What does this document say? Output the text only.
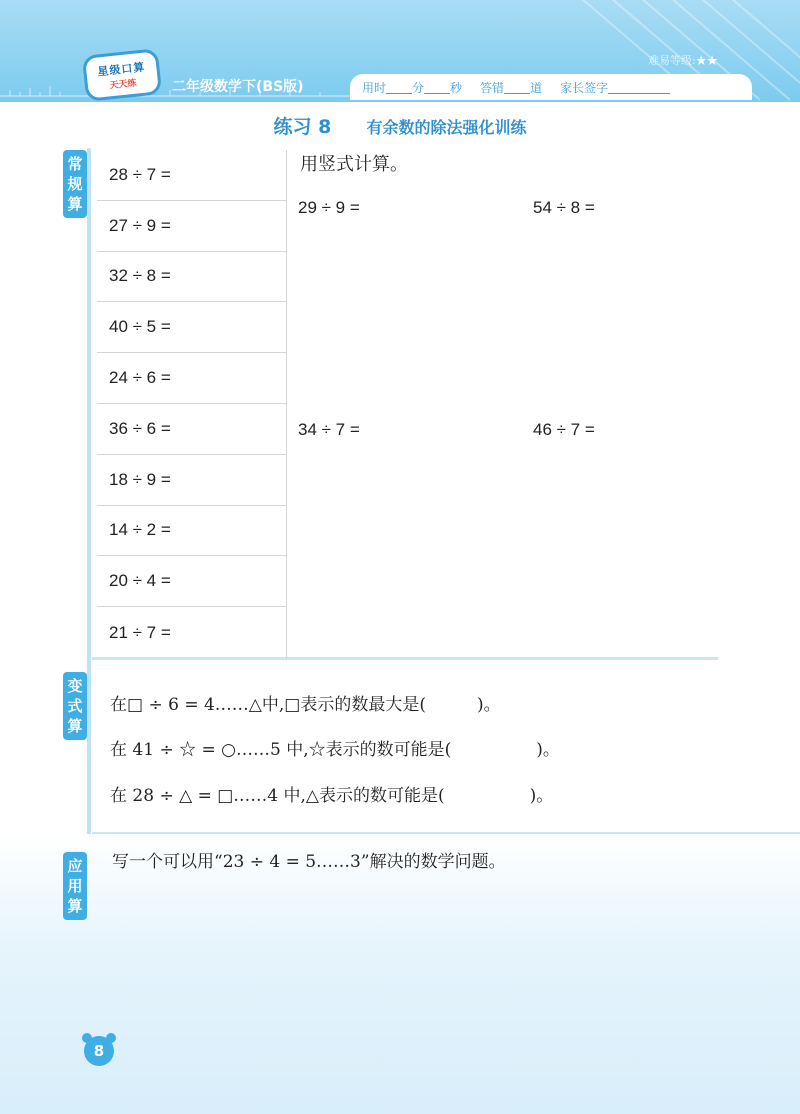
星级口算
天天练	二年级数学下(BS版)
难易等级:★★
用时 分 秒 答错 道 家长签字
练习 8 有余数的除法强化训练
常规算
28 ÷ 7 =
27 ÷ 9 =
32 ÷ 8 =
40 ÷ 5 =
24 ÷ 6 =
36 ÷ 6 =
18 ÷ 9 =
14 ÷ 2 =
20 ÷ 4 =
21 ÷ 7 =
用竖式计算。
29 ÷ 9 =	54 ÷ 8 =
34 ÷ 7 =	46 ÷ 7 =
变式算
在□ ÷ 6 = 4……△中,□表示的数最大是(　　　)。
在 41 ÷ ☆ = ○……5 中,☆表示的数可能是(　　　　　)。
在 28 ÷ △ = □……4 中,△表示的数可能是(　　　　　)。
应用算
写一个可以用“23 ÷ 4 = 5……3”解决的数学问题。
8
